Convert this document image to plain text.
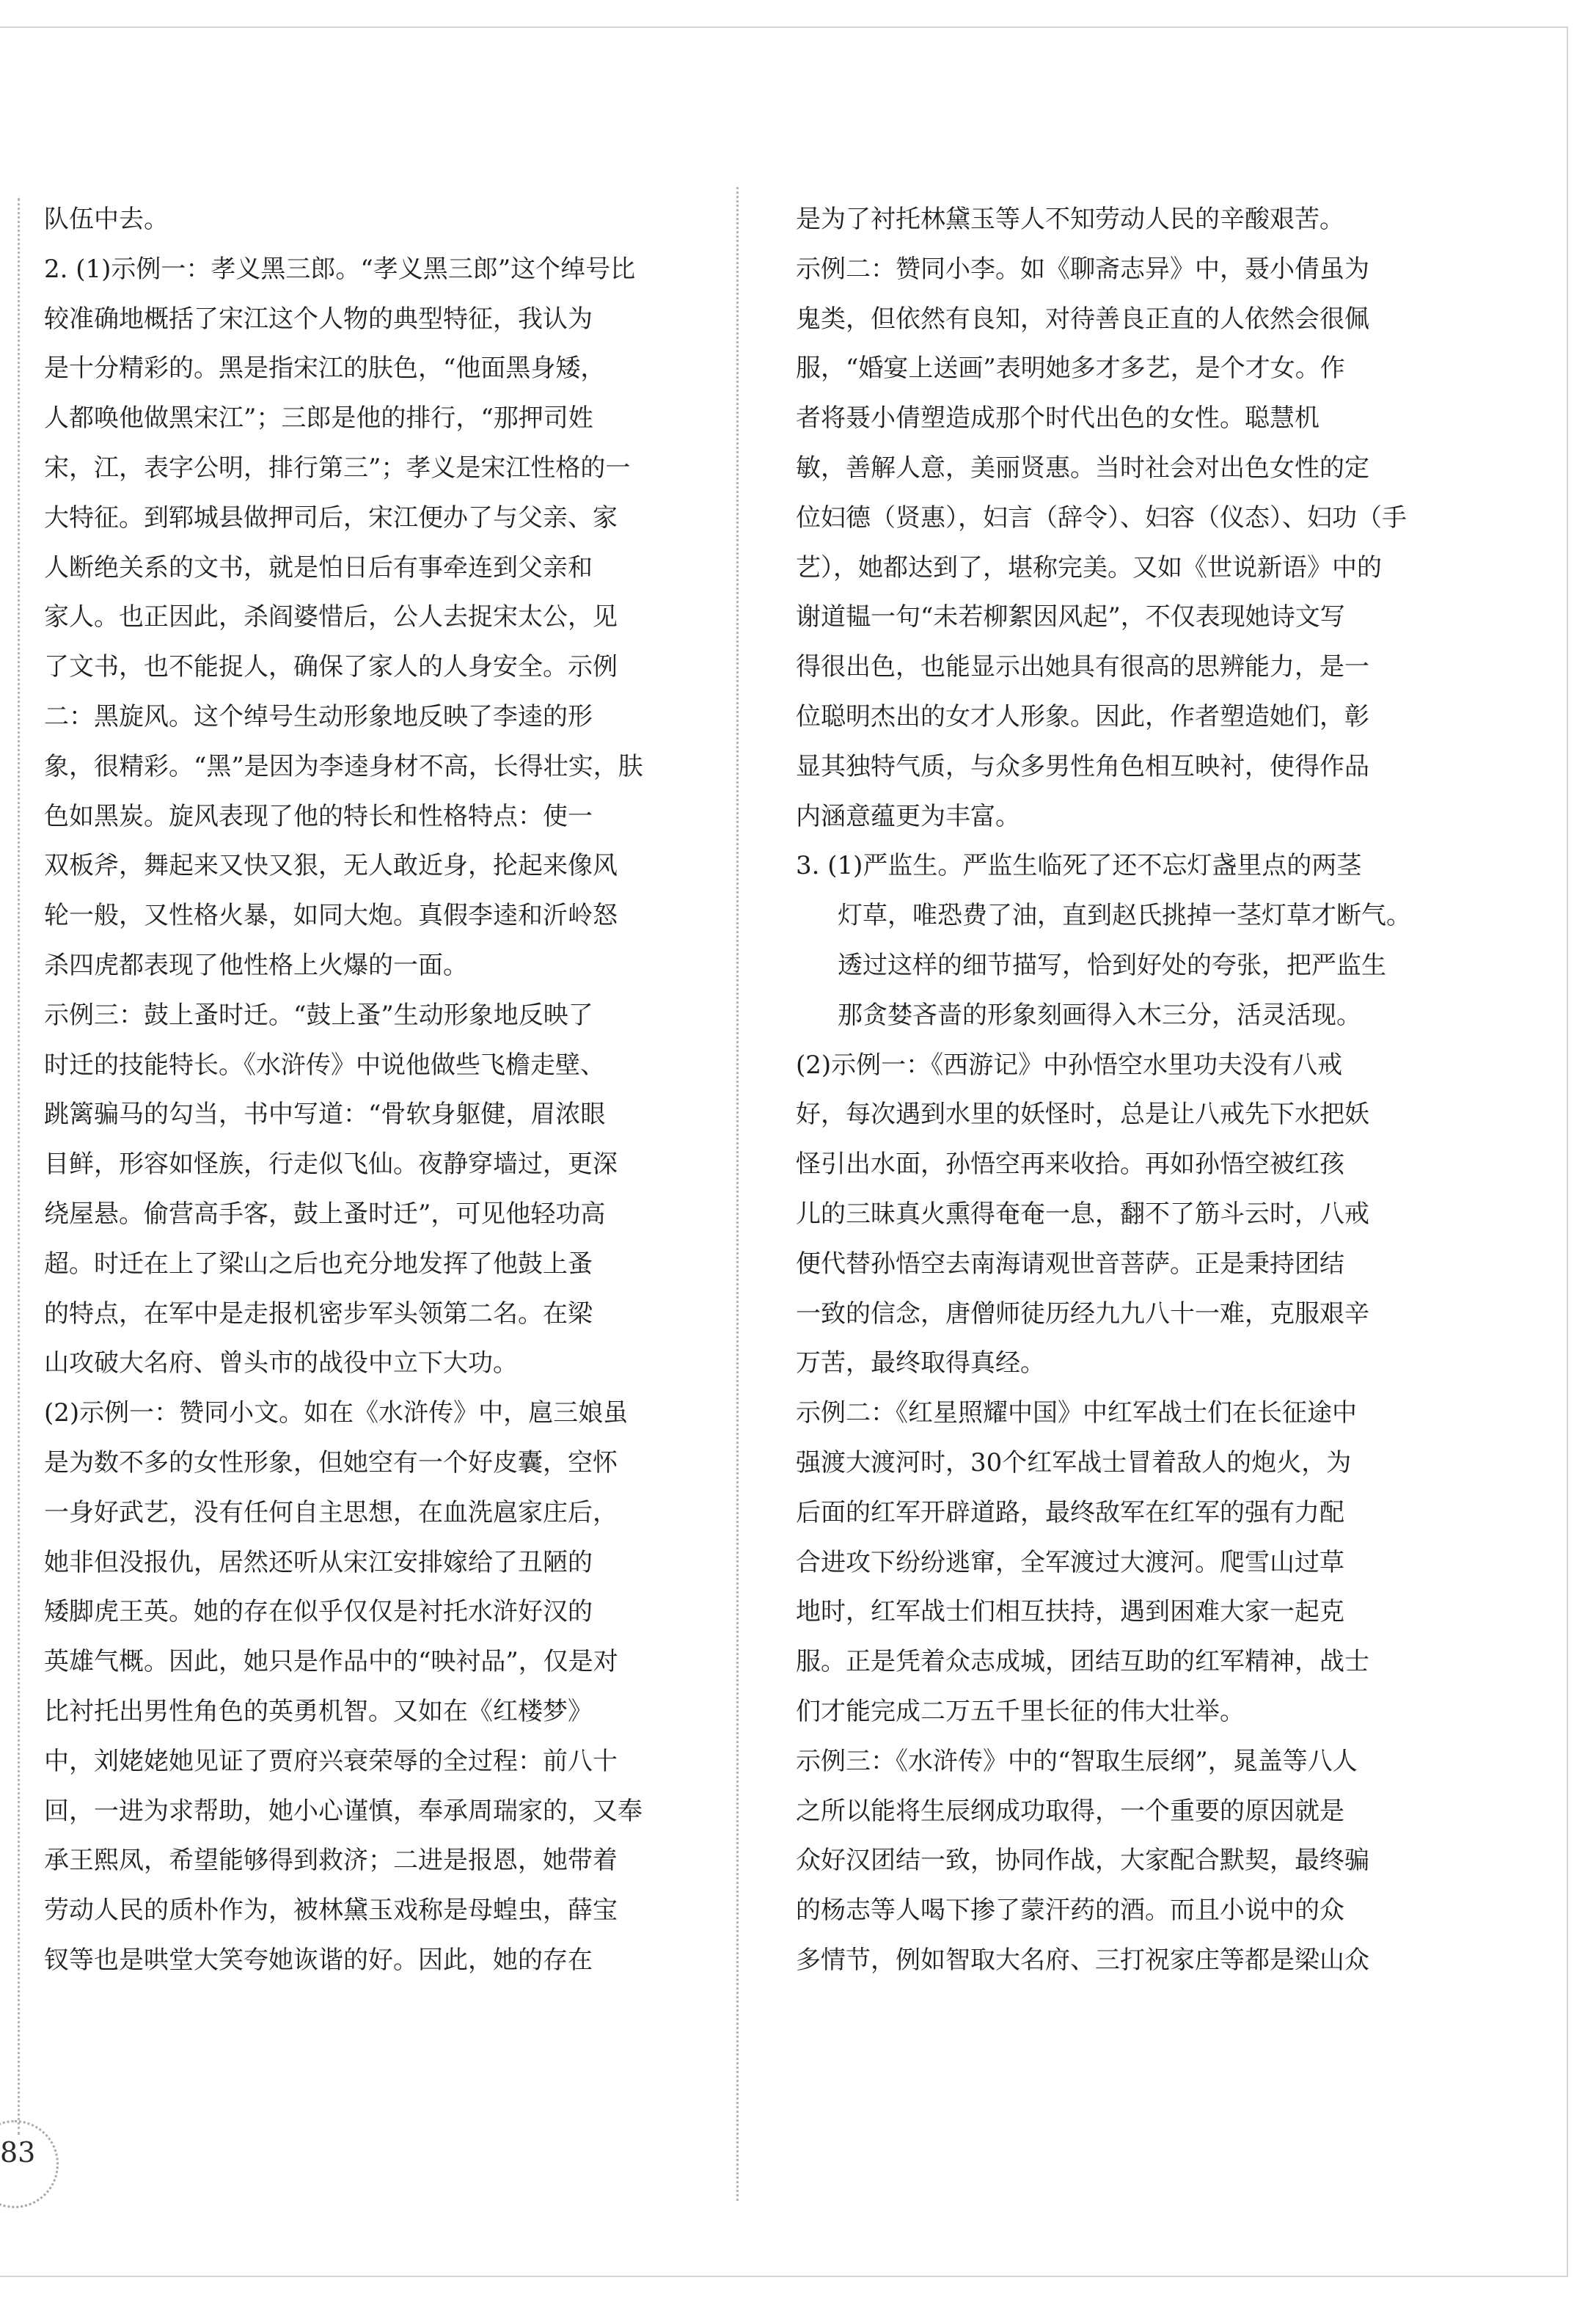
队伍中去。
2. (1)示例一：孝义黑三郎。“孝义黑三郎”这个绰号比
较准确地概括了宋江这个人物的典型特征，我认为
是十分精彩的。黑是指宋江的肤色，“他面黑身矮，
人都唤他做黑宋江”；三郎是他的排行，“那押司姓
宋，江，表字公明，排行第三”；孝义是宋江性格的一
大特征。到郓城县做押司后，宋江便办了与父亲、家
人断绝关系的文书，就是怕日后有事牵连到父亲和
家人。也正因此，杀阎婆惜后，公人去捉宋太公，见
了文书，也不能捉人，确保了家人的人身安全。示例
二：黑旋风。这个绰号生动形象地反映了李逵的形
象，很精彩。“黑”是因为李逵身材不高，长得壮实，肤
色如黑炭。旋风表现了他的特长和性格特点：使一
双板斧，舞起来又快又狠，无人敢近身，抡起来像风
轮一般，又性格火暴，如同大炮。真假李逵和沂岭怒
杀四虎都表现了他性格上火爆的一面。
示例三：鼓上蚤时迁。“鼓上蚤”生动形象地反映了
时迁的技能特长。《水浒传》中说他做些飞檐走壁、
跳篱骗马的勾当，书中写道：“骨软身躯健，眉浓眼
目鲜，形容如怪族，行走似飞仙。夜静穿墙过，更深
绕屋悬。偷营高手客，鼓上蚤时迁”，可见他轻功高
超。时迁在上了梁山之后也充分地发挥了他鼓上蚤
的特点，在军中是走报机密步军头领第二名。在梁
山攻破大名府、曾头市的战役中立下大功。
(2)示例一：赞同小文。如在《水浒传》中，扈三娘虽
是为数不多的女性形象，但她空有一个好皮囊，空怀
一身好武艺，没有任何自主思想，在血洗扈家庄后，
她非但没报仇，居然还听从宋江安排嫁给了丑陋的
矮脚虎王英。她的存在似乎仅仅是衬托水浒好汉的
英雄气概。因此，她只是作品中的“映衬品”，仅是对
比衬托出男性角色的英勇机智。又如在《红楼梦》
中，刘姥姥她见证了贾府兴衰荣辱的全过程：前八十
回，一进为求帮助，她小心谨慎，奉承周瑞家的，又奉
承王熙凤，希望能够得到救济；二进是报恩，她带着
劳动人民的质朴作为，被林黛玉戏称是母蝗虫，薛宝
钗等也是哄堂大笑夸她诙谐的好。因此，她的存在
是为了衬托林黛玉等人不知劳动人民的辛酸艰苦。
示例二：赞同小李。如《聊斋志异》中，聂小倩虽为
鬼类，但依然有良知，对待善良正直的人依然会很佩
服，“婚宴上送画”表明她多才多艺，是个才女。作
者将聂小倩塑造成那个时代出色的女性。聪慧机
敏，善解人意，美丽贤惠。当时社会对出色女性的定
位妇德（贤惠），妇言（辞令）、妇容（仪态）、妇功（手
艺），她都达到了，堪称完美。又如《世说新语》中的
谢道韫一句“未若柳絮因风起”，不仅表现她诗文写
得很出色，也能显示出她具有很高的思辨能力，是一
位聪明杰出的女才人形象。因此，作者塑造她们，彰
显其独特气质，与众多男性角色相互映衬，使得作品
内涵意蕴更为丰富。
3. (1)严监生。严监生临死了还不忘灯盏里点的两茎
灯草，唯恐费了油，直到赵氏挑掉一茎灯草才断气。
透过这样的细节描写，恰到好处的夸张，把严监生
那贪婪吝啬的形象刻画得入木三分，活灵活现。
(2)示例一：《西游记》中孙悟空水里功夫没有八戒
好，每次遇到水里的妖怪时，总是让八戒先下水把妖
怪引出水面，孙悟空再来收拾。再如孙悟空被红孩
儿的三昧真火熏得奄奄一息，翻不了筋斗云时，八戒
便代替孙悟空去南海请观世音菩萨。正是秉持团结
一致的信念，唐僧师徒历经九九八十一难，克服艰辛
万苦，最终取得真经。
示例二：《红星照耀中国》中红军战士们在长征途中
强渡大渡河时，30个红军战士冒着敌人的炮火，为
后面的红军开辟道路，最终敌军在红军的强有力配
合进攻下纷纷逃窜，全军渡过大渡河。爬雪山过草
地时，红军战士们相互扶持，遇到困难大家一起克
服。正是凭着众志成城，团结互助的红军精神，战士
们才能完成二万五千里长征的伟大壮举。
示例三：《水浒传》中的“智取生辰纲”，晁盖等八人
之所以能将生辰纲成功取得，一个重要的原因就是
众好汉团结一致，协同作战，大家配合默契，最终骗
的杨志等人喝下掺了蒙汗药的酒。而且小说中的众
多情节，例如智取大名府、三打祝家庄等都是梁山众
83
